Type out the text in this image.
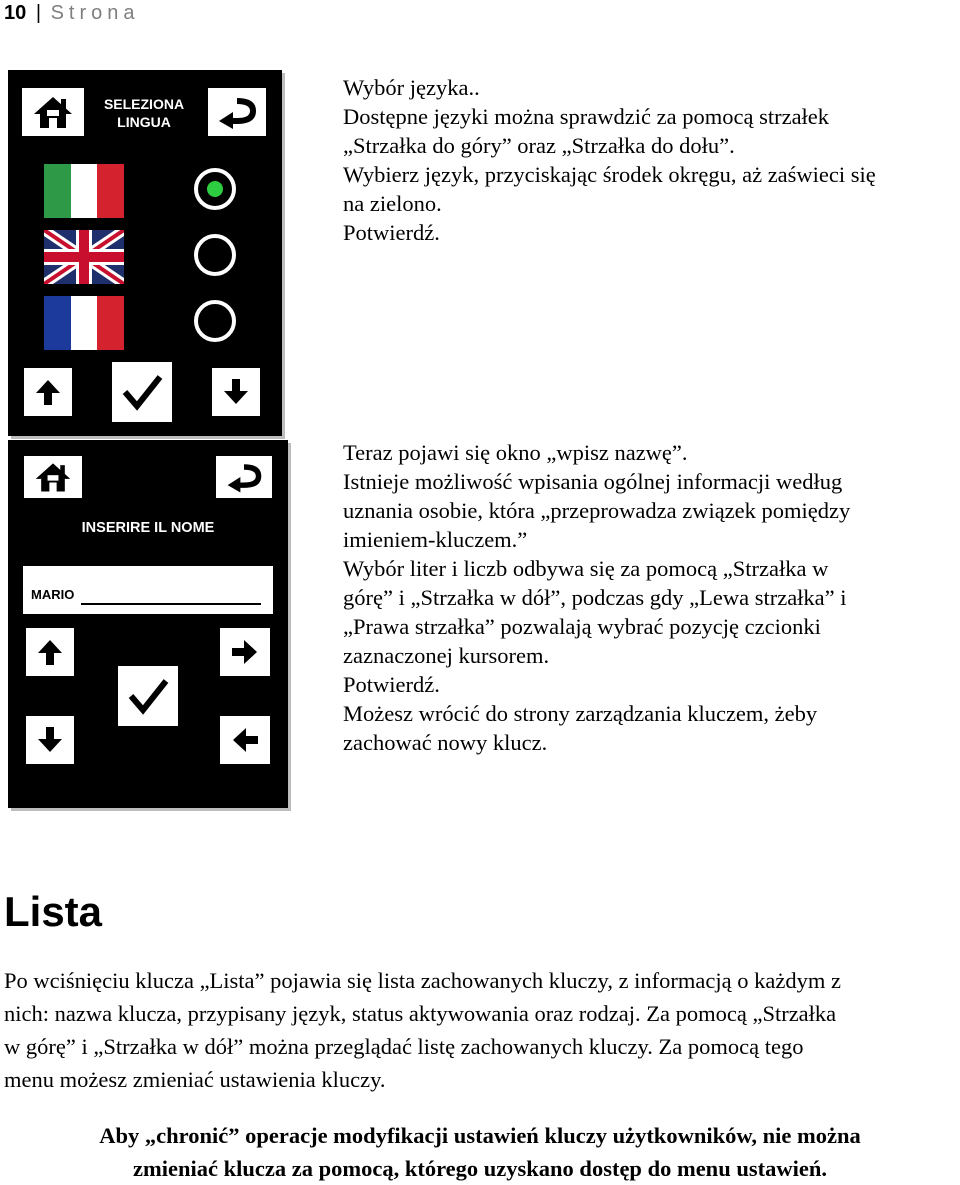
10 | Strona
SELEZIONA
LINGUA
Wybór języka..
Dostępne języki można sprawdzić za pomocą strzałek
„Strzałka do góry” oraz „Strzałka do dołu”.
Wybierz język, przyciskając środek okręgu, aż zaświeci się
na zielono.
Potwierdź.
INSERIRE IL NOME
MARIO
Teraz pojawi się okno „wpisz nazwę”.
Istnieje możliwość wpisania ogólnej informacji według
uznania osobie, która „przeprowadza związek pomiędzy
imieniem-kluczem.”
Wybór liter i liczb odbywa się za pomocą „Strzałka w
górę” i „Strzałka w dół”, podczas gdy „Lewa strzałka” i
„Prawa strzałka” pozwalają wybrać pozycję czcionki
zaznaczonej kursorem.
Potwierdź.
Możesz wrócić do strony zarządzania kluczem, żeby
zachować nowy klucz.
Lista
Po wciśnięciu klucza „Lista” pojawia się lista zachowanych kluczy, z informacją o każdym z
nich: nazwa klucza, przypisany język, status aktywowania oraz rodzaj. Za pomocą „Strzałka
w górę” i „Strzałka w dół” można przeglądać listę zachowanych kluczy. Za pomocą tego
menu możesz zmieniać ustawienia kluczy.
Aby „chronić” operacje modyfikacji ustawień kluczy użytkowników, nie można
zmieniać klucza za pomocą, którego uzyskano dostęp do menu ustawień.
